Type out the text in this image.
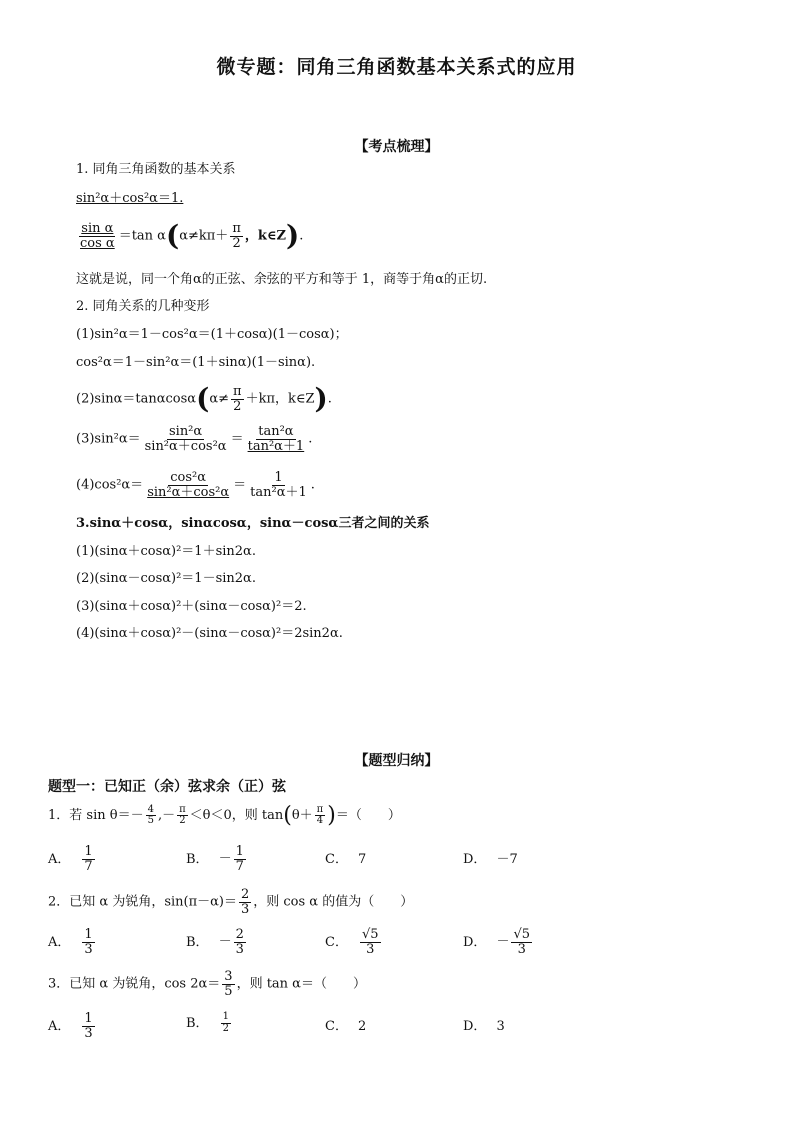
微专题：同角三角函数基本关系式的应用
【考点梳理】
1. 同角三角函数的基本关系
sin²α＋cos²α＝1.
$\frac{\text{sin α}}{\text{cos α}} =\tan$ $\alpha(\alpha\ne k\pi+ \frac{\pi}{2}$ ，k∈Z).
这就是说，同一个角α的正弦、余弦的平方和等于 1，商等于角α的正切.
2. 同角关系的几种变形
(1)sin²α＝1－cos²α＝(1＋cosα)(1－cosα)；
cos²α＝1－sin²α＝(1＋sinα)(1－sinα).
$(2)\sin\alpha=\tan\alpha\cos\alpha(\alpha\ne \frac{\pi}{2} +k\pi$，k∈Z).
$(3)\sin^2\alpha= \frac{\text{sin²α}}{\text{sin²α＋cos²α}} = \frac{\text{tan²α}}{\text{tan²α＋1}}$ .
$(4)\cos^2\alpha= \frac{\text{cos²α}}{\text{sin²α＋cos²α}} = \frac{1}{\text{tan²α＋1}}$ .
3.sinα＋cosα，sinαcosα，sinα－cosα三者之间的关系
(1)(sinα＋cosα)²＝1＋sin2α.
(2)(sinα－cosα)²＝1－sin2α.
(3)(sinα＋cosα)²＋(sinα－cosα)²＝2.
(4)(sinα＋cosα)²－(sinα－cosα)²＝2sin2α.
【题型归纳】
题型一：已知正（余）弦求余（正）弦
1．若 $\sin \theta=- \frac{4}{5}$ ,－ $\frac{\pi}{2} <\theta<0$，则 $\tan(\theta+ \frac{\pi}{4}$ )＝（　　）
A． $\frac{1}{7}$	B． － $\frac{1}{7}$	C． 7	D． －7
2．已知 α 为锐角，$\sin(\pi-\alpha)= \frac{2}{3}$ ，则 cos α 的值为（　　）
A． $\frac{1}{3}$	B． － $\frac{2}{3}$	C． $\frac{√5}{3}$	D． － $\frac{√5}{3}$
3．已知 α 为锐角，$\cos 2\alpha= \frac{3}{5}$ ，则 tan α＝（　　）
A． $\frac{1}{3}$	B． $\frac{1}{2}$	C． 2	D． 3
